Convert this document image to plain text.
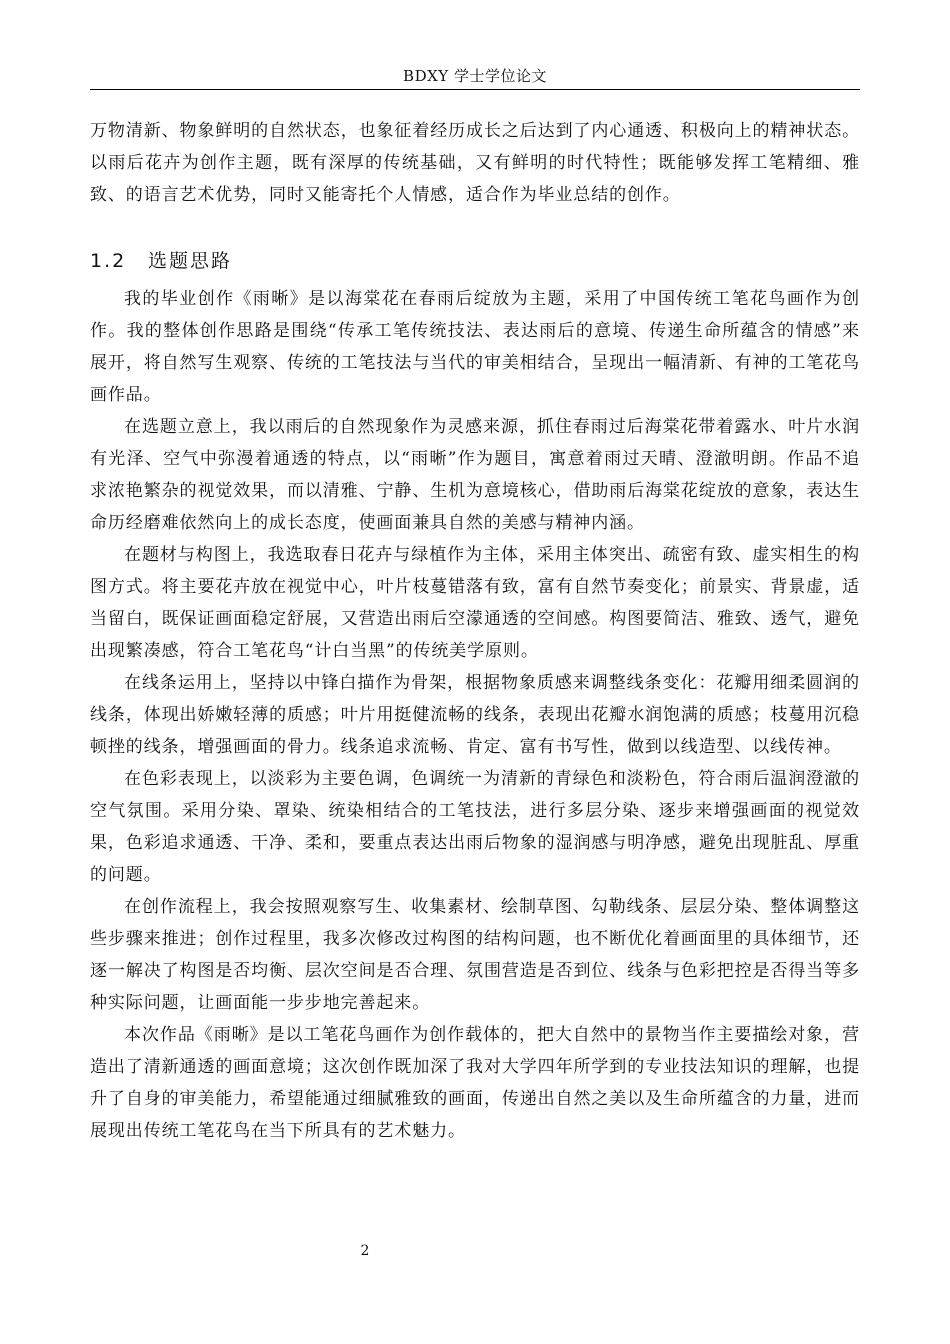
BDXY 学士学位论文

万物清新、物象鲜明的自然状态，也象征着经历成长之后达到了内心通透、积极向上的精神状态。以雨后花卉为创作主题，既有深厚的传统基础，又有鲜明的时代特性；既能够发挥工笔精细、雅致、的语言艺术优势，同时又能寄托个人情感，适合作为毕业总结的创作。

1.2	选题思路

我的毕业创作《雨晰》是以海棠花在春雨后绽放为主题，采用了中国传统工笔花鸟画作为创作。我的整体创作思路是围绕“传承工笔传统技法、表达雨后的意境、传递生命所蕴含的情感”来展开，将自然写生观察、传统的工笔技法与当代的审美相结合，呈现出一幅清新、有神的工笔花鸟画作品。

在选题立意上，我以雨后的自然现象作为灵感来源，抓住春雨过后海棠花带着露水、叶片水润有光泽、空气中弥漫着通透的特点，以“雨晰”作为题目，寓意着雨过天晴、澄澈明朗。作品不追求浓艳繁杂的视觉效果，而以清雅、宁静、生机为意境核心，借助雨后海棠花绽放的意象，表达生命历经磨难依然向上的成长态度，使画面兼具自然的美感与精神内涵。

在题材与构图上，我选取春日花卉与绿植作为主体，采用主体突出、疏密有致、虚实相生的构图方式。将主要花卉放在视觉中心，叶片枝蔓错落有致，富有自然节奏变化；前景实、背景虚，适当留白，既保证画面稳定舒展，又营造出雨后空濛通透的空间感。构图要简洁、雅致、透气，避免出现繁凑感，符合工笔花鸟“计白当黑”的传统美学原则。

在线条运用上，坚持以中锋白描作为骨架，根据物象质感来调整线条变化：花瓣用细柔圆润的线条，体现出娇嫩轻薄的质感；叶片用挺健流畅的线条，表现出花瓣水润饱满的质感；枝蔓用沉稳顿挫的线条，增强画面的骨力。线条追求流畅、肯定、富有书写性，做到以线造型、以线传神。

在色彩表现上，以淡彩为主要色调，色调统一为清新的青绿色和淡粉色，符合雨后温润澄澈的空气氛围。采用分染、罩染、统染相结合的工笔技法，进行多层分染、逐步来增强画面的视觉效果，色彩追求通透、干净、柔和，要重点表达出雨后物象的湿润感与明净感，避免出现脏乱、厚重的问题。

在创作流程上，我会按照观察写生、收集素材、绘制草图、勾勒线条、层层分染、整体调整这些步骤来推进；创作过程里，我多次修改过构图的结构问题，也不断优化着画面里的具体细节，还逐一解决了构图是否均衡、层次空间是否合理、氛围营造是否到位、线条与色彩把控是否得当等多种实际问题，让画面能一步步地完善起来。

本次作品《雨晰》是以工笔花鸟画作为创作载体的，把大自然中的景物当作主要描绘对象，营造出了清新通透的画面意境；这次创作既加深了我对大学四年所学到的专业技法知识的理解，也提升了自身的审美能力，希望能通过细腻雅致的画面，传递出自然之美以及生命所蕴含的力量，进而展现出传统工笔花鸟在当下所具有的艺术魅力。

2
